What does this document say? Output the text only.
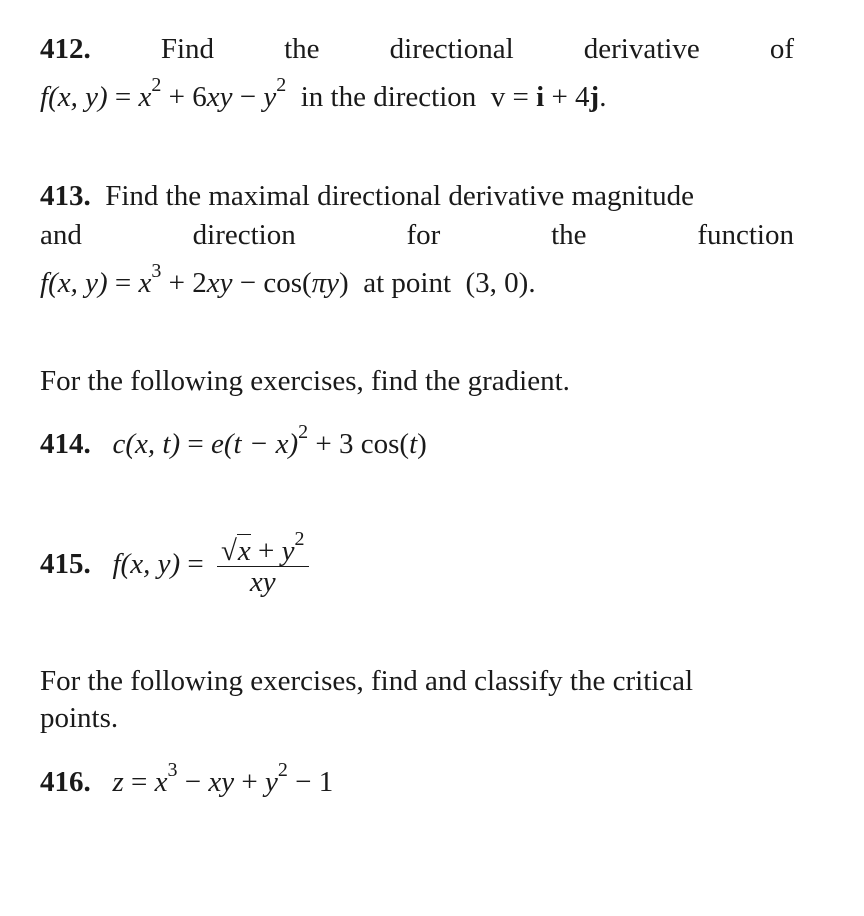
412. Find the directional derivative of
f(x, $y) = x^2 + 6xy - y^2$ in the direction v = i + 4j.
413. Find the maximal directional derivative magnitude
and	direction	for	the	function
f(x, $y) = x^3 + 2xy - \cos(\pi y)$ at point (3, 0).
For the following exercises, find the gradient.
414. c(x, $t) = e(t - x)^2 + 3$ cos(t)
415. f(x, $y) = \frac{√x + y^2}{xy}$
For the following exercises, find and classify the critical
points.
416. $z = x^3$ − xy + $y^2 - 1$
